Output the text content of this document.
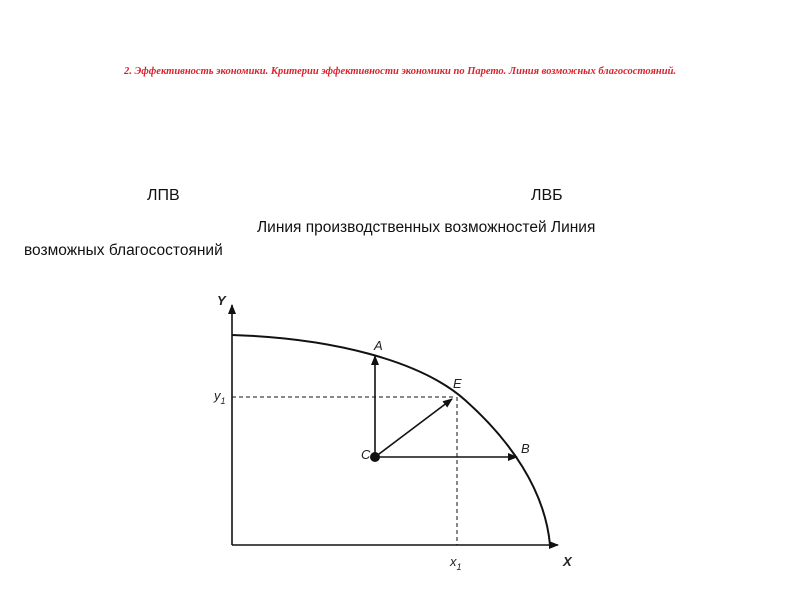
2. Эффективность экономики. Критерии эффективности экономики по Парето. Линия возможных благосостояний.
ЛПВ	ЛВБ
Линия производственных возможностей Линия
возможных благосостояний
Y
X
$y_1$
$x_1$
A
E
B
C
